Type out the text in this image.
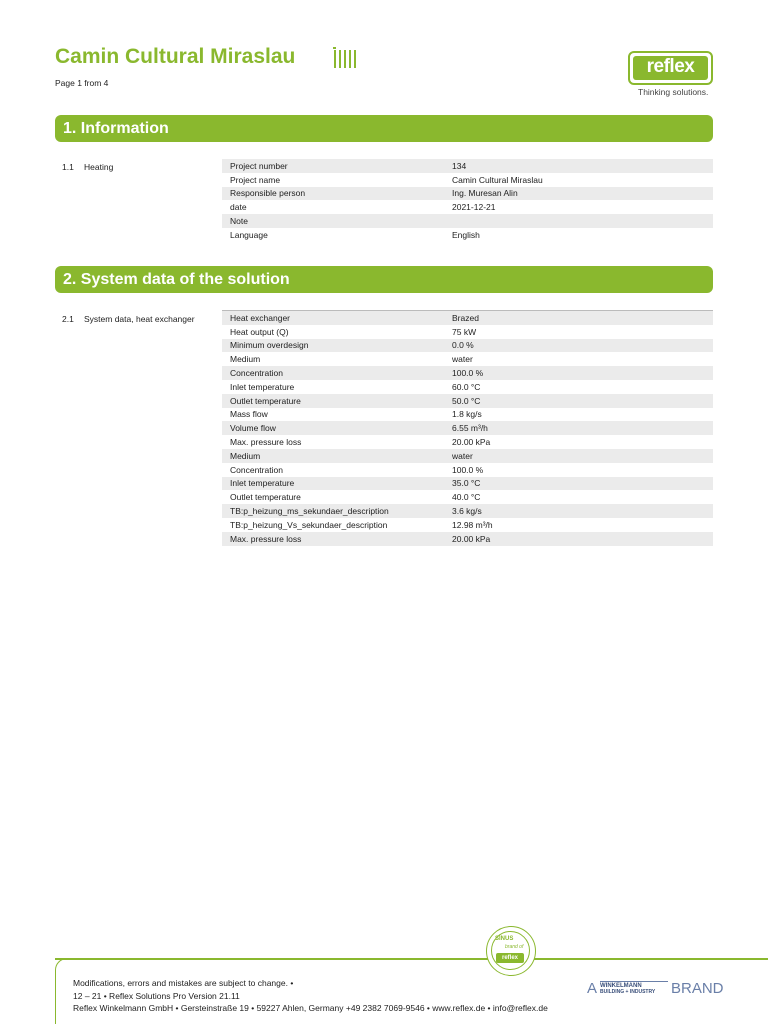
Camin Cultural Miraslau
Page 1 from 4
reflex
Thinking solutions.
1. Information
1.1 Heating	Project number	134
Project name	Camin Cultural Miraslau
Responsible person	Ing. Muresan Alin
date	2021-12-21
Note
Language	English
2. System data of the solution
2.1 System data, heat exchanger	Heat exchanger	Brazed
Heat output (Q)	75 kW
Minimum overdesign	0.0 %
Medium	water
Concentration	100.0 %
Inlet temperature	60.0 °C
Outlet temperature	50.0 °C
Mass flow	1.8 kg/s
Volume flow	6.55 m³/h
Max. pressure loss	20.00 kPa
Medium	water
Concentration	100.0 %
Inlet temperature	35.0 °C
Outlet temperature	40.0 °C
TB:p_heizung_ms_sekundaer_description	3.6 kg/s
TB:p_heizung_Vs_sekundaer_description	12.98 m³/h
Max. pressure loss	20.00 kPa
Modifications, errors and mistakes are subject to change. •
12 – 21 • Reflex Solutions Pro Version 21.11
Reflex Winkelmann GmbH • Gersteinstraße 19 • 59227 Ahlen, Germany +49 2382 7069-9546 • www.reflex.de • info@reflex.de
SINUS
brand of
reflex
A WINKELMANN
BUILDING + INDUSTRY	BRAND
